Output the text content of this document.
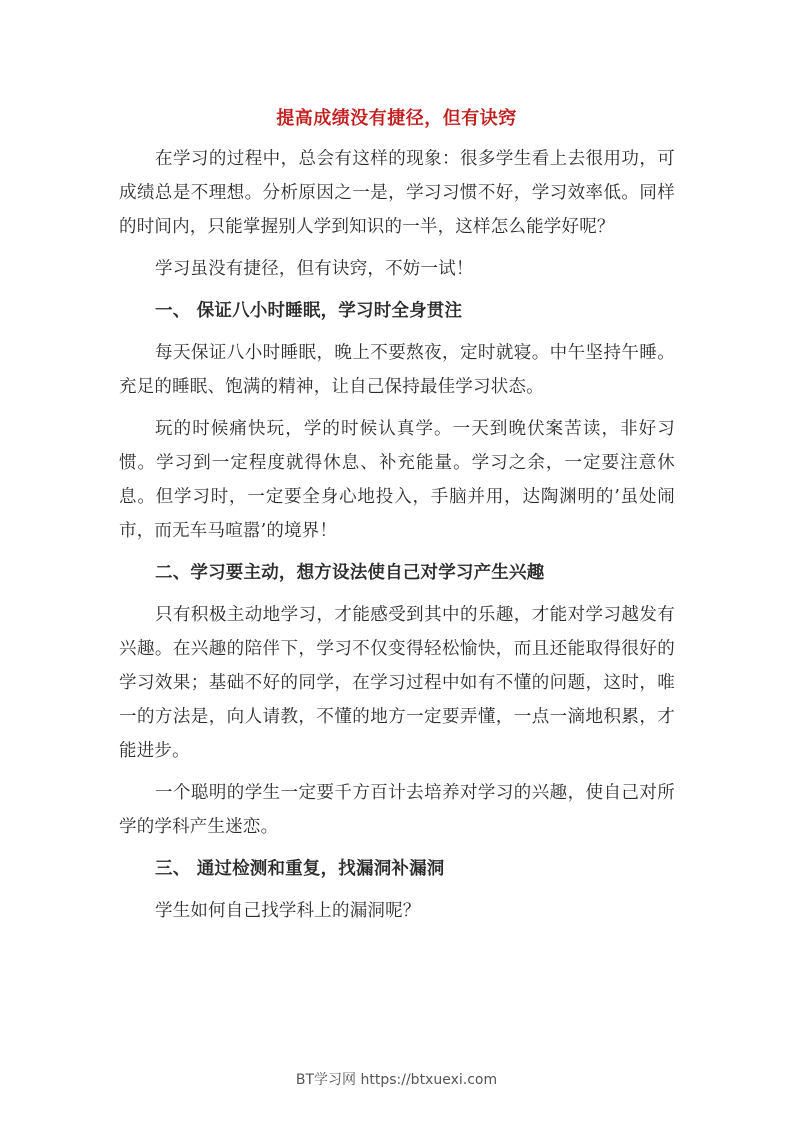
提高成绩没有捷径，但有诀窍

在学习的过程中，总会有这样的现象：很多学生看上去很用功，可成绩总是不理想。分析原因之一是，学习习惯不好，学习效率低。同样的时间内，只能掌握别人学到知识的一半，这样怎么能学好呢？

学习虽没有捷径，但有诀窍，不妨一试！

一、 保证八小时睡眠，学习时全身贯注

每天保证八小时睡眠，晚上不要熬夜，定时就寝。中午坚持午睡。充足的睡眠、饱满的精神，让自己保持最佳学习状态。

玩的时候痛快玩，学的时候认真学。一天到晚伏案苦读，非好习惯。学习到一定程度就得休息、补充能量。学习之余，一定要注意休息。但学习时，一定要全身心地投入，手脑并用，达陶渊明的’虽处闹市，而无车马喧嚣’的境界！

二、学习要主动，想方设法使自己对学习产生兴趣

只有积极主动地学习，才能感受到其中的乐趣，才能对学习越发有兴趣。在兴趣的陪伴下，学习不仅变得轻松愉快，而且还能取得很好的学习效果；基础不好的同学，在学习过程中如有不懂的问题，这时，唯一的方法是，向人请教，不懂的地方一定要弄懂，一点一滴地积累，才能进步。

一个聪明的学生一定要千方百计去培养对学习的兴趣，使自己对所学的学科产生迷恋。

三、 通过检测和重复，找漏洞补漏洞

学生如何自己找学科上的漏洞呢？

BT学习网 https://btxuexi.com
